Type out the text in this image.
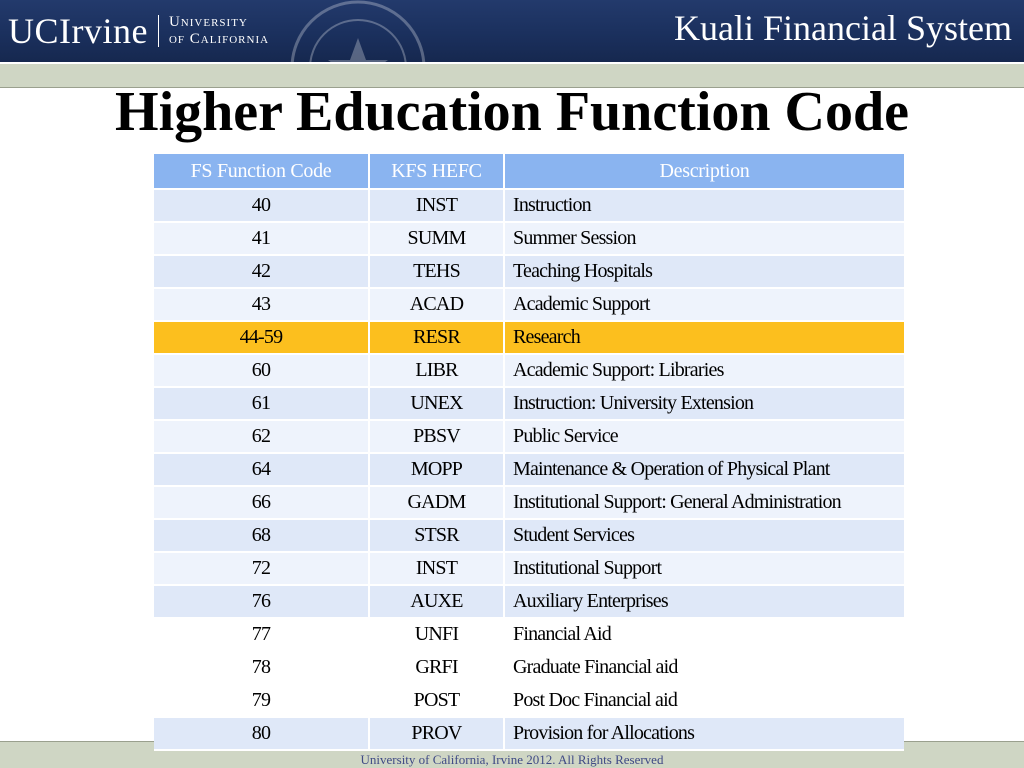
UCIrvine University
of California	Kuali Financial System
Higher Education Function Code
University of California, Irvine 2012. All Rights Reserved
FS Function Code	KFS HEFC	Description
40	INST	Instruction
41	SUMM	Summer Session
42	TEHS	Teaching Hospitals
43	ACAD	Academic Support
44-59	RESR	Research
60	LIBR	Academic Support: Libraries
61	UNEX	Instruction: University Extension
62	PBSV	Public Service
64	MOPP	Maintenance & Operation of Physical Plant
66	GADM	Institutional Support: General Administration
68	STSR	Student Services
72	INST	Institutional Support
76	AUXE	Auxiliary Enterprises
77	UNFI	Financial Aid
78	GRFI	Graduate Financial aid
79	POST	Post Doc Financial aid
80	PROV	Provision for Allocations
